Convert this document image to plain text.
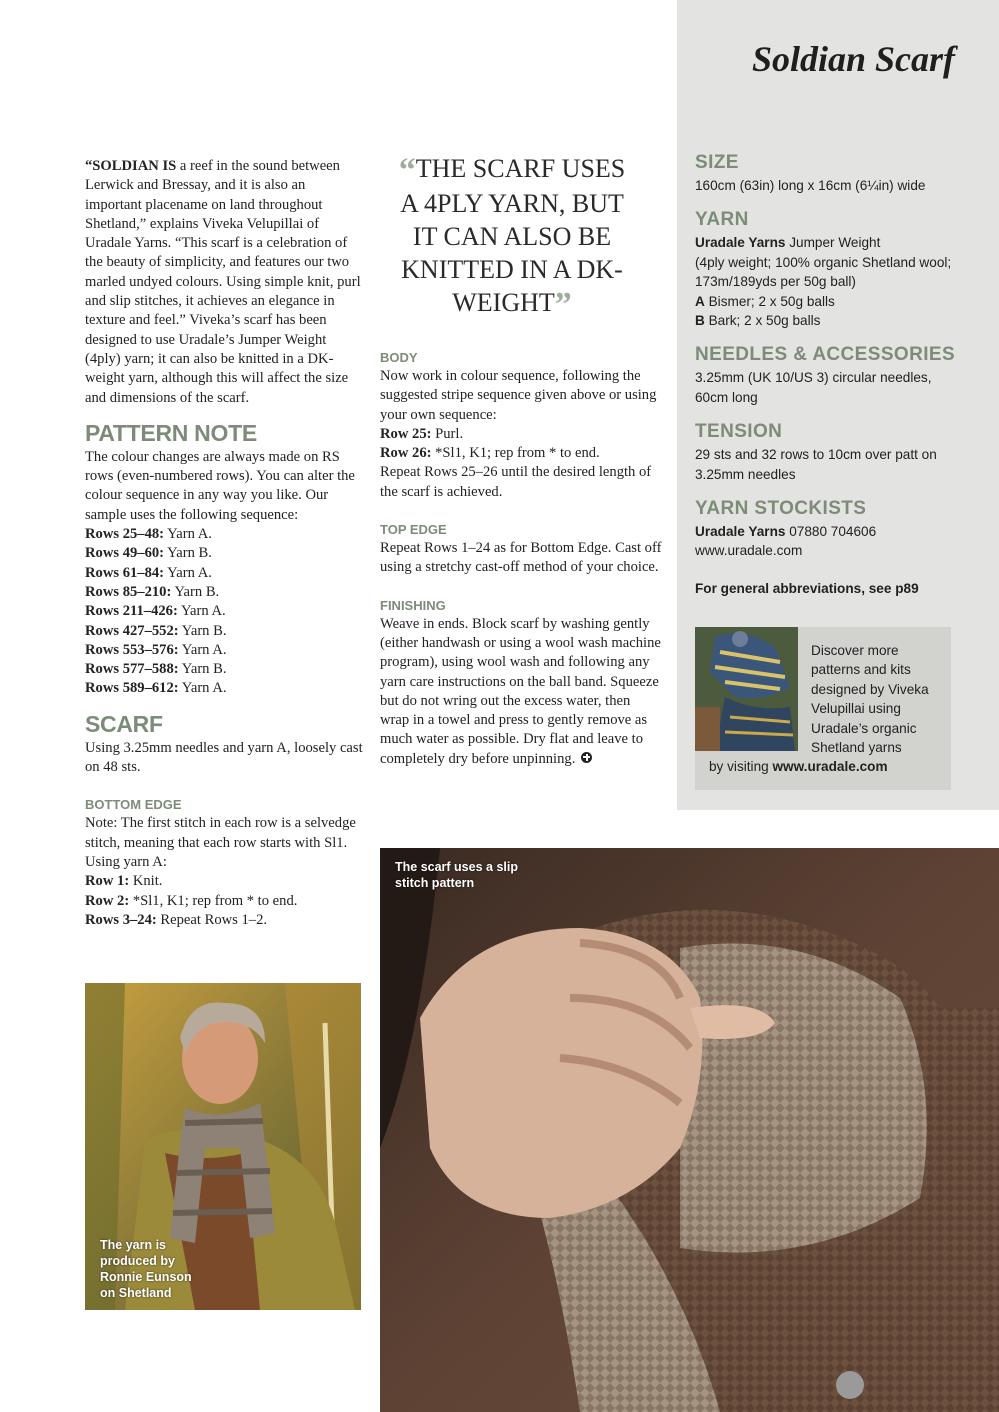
Soldian Scarf

“SOLDIAN IS a reef in the sound between Lerwick and Bressay, and it is also an important placename on land throughout Shetland,” explains Viveka Velupillai of Uradale Yarns. “This scarf is a celebration of the beauty of simplicity, and features our two marled undyed colours. Using simple knit, purl and slip stitches, it achieves an elegance in texture and feel.” Viveka’s scarf has been designed to use Uradale’s Jumper Weight (4ply) yarn; it can also be knitted in a DK-weight yarn, although this will affect the size and dimensions of the scarf.

PATTERN NOTE

The colour changes are always made on RS rows (even-numbered rows). You can alter the colour sequence in any way you like. Our sample uses the following sequence:

Rows 25–48: Yarn A.
Rows 49–60: Yarn B.
Rows 61–84: Yarn A.
Rows 85–210: Yarn B.
Rows 211–426: Yarn A.
Rows 427–552: Yarn B.
Rows 553–576: Yarn A.
Rows 577–588: Yarn B.
Rows 589–612: Yarn A.
SCARF

Using 3.25mm needles and yarn A, loosely cast on 48 sts.

BOTTOM EDGE

Note: The first stitch in each row is a selvedge stitch, meaning that each row starts with Sl1.

Using yarn A:

Row 1: Knit.
Row 2: *Sl1, K1; rep from * to end.
Rows 3–24: Repeat Rows 1–2.
“THE SCARF USES A 4PLY YARN, BUT IT CAN ALSO BE KNITTED IN A DK-WEIGHT”
BODY

Now work in colour sequence, following the suggested stripe sequence given above or using your own sequence:

Row 25: Purl.
Row 26: *Sl1, K1; rep from * to end.

Repeat Rows 25–26 until the desired length of the scarf is achieved.

TOP EDGE

Repeat Rows 1–24 as for Bottom Edge. Cast off using a stretchy cast-off method of your choice.

FINISHING

Weave in ends. Block scarf by washing gently (either handwash or using a wool wash machine program), using wool wash and following any yarn care instructions on the ball band. Squeeze but do not wring out the excess water, then wrap in a towel and press to gently remove as much water as possible. Dry flat and leave to completely dry before unpinning.

SIZE

160cm (63in) long x 16cm (6¼in) wide

YARN

Uradale Yarns Jumper Weight

(4ply weight; 100% organic Shetland wool; 173m/189yds per 50g ball)

A Bismer; 2 x 50g balls

B Bark; 2 x 50g balls

NEEDLES & ACCESSORIES

3.25mm (UK 10/US 3) circular needles, 60cm long

TENSION

29 sts and 32 rows to 10cm over patt on 3.25mm needles

YARN STOCKISTS

Uradale Yarns 07880 704606

www.uradale.com

For general abbreviations, see p89

Discover more patterns and kits designed by Viveka Velupillai using Uradale’s organic Shetland yarns

by visiting www.uradale.com

The yarn is produced by Ronnie Eunson on Shetland

The scarf uses a slip stitch pattern
